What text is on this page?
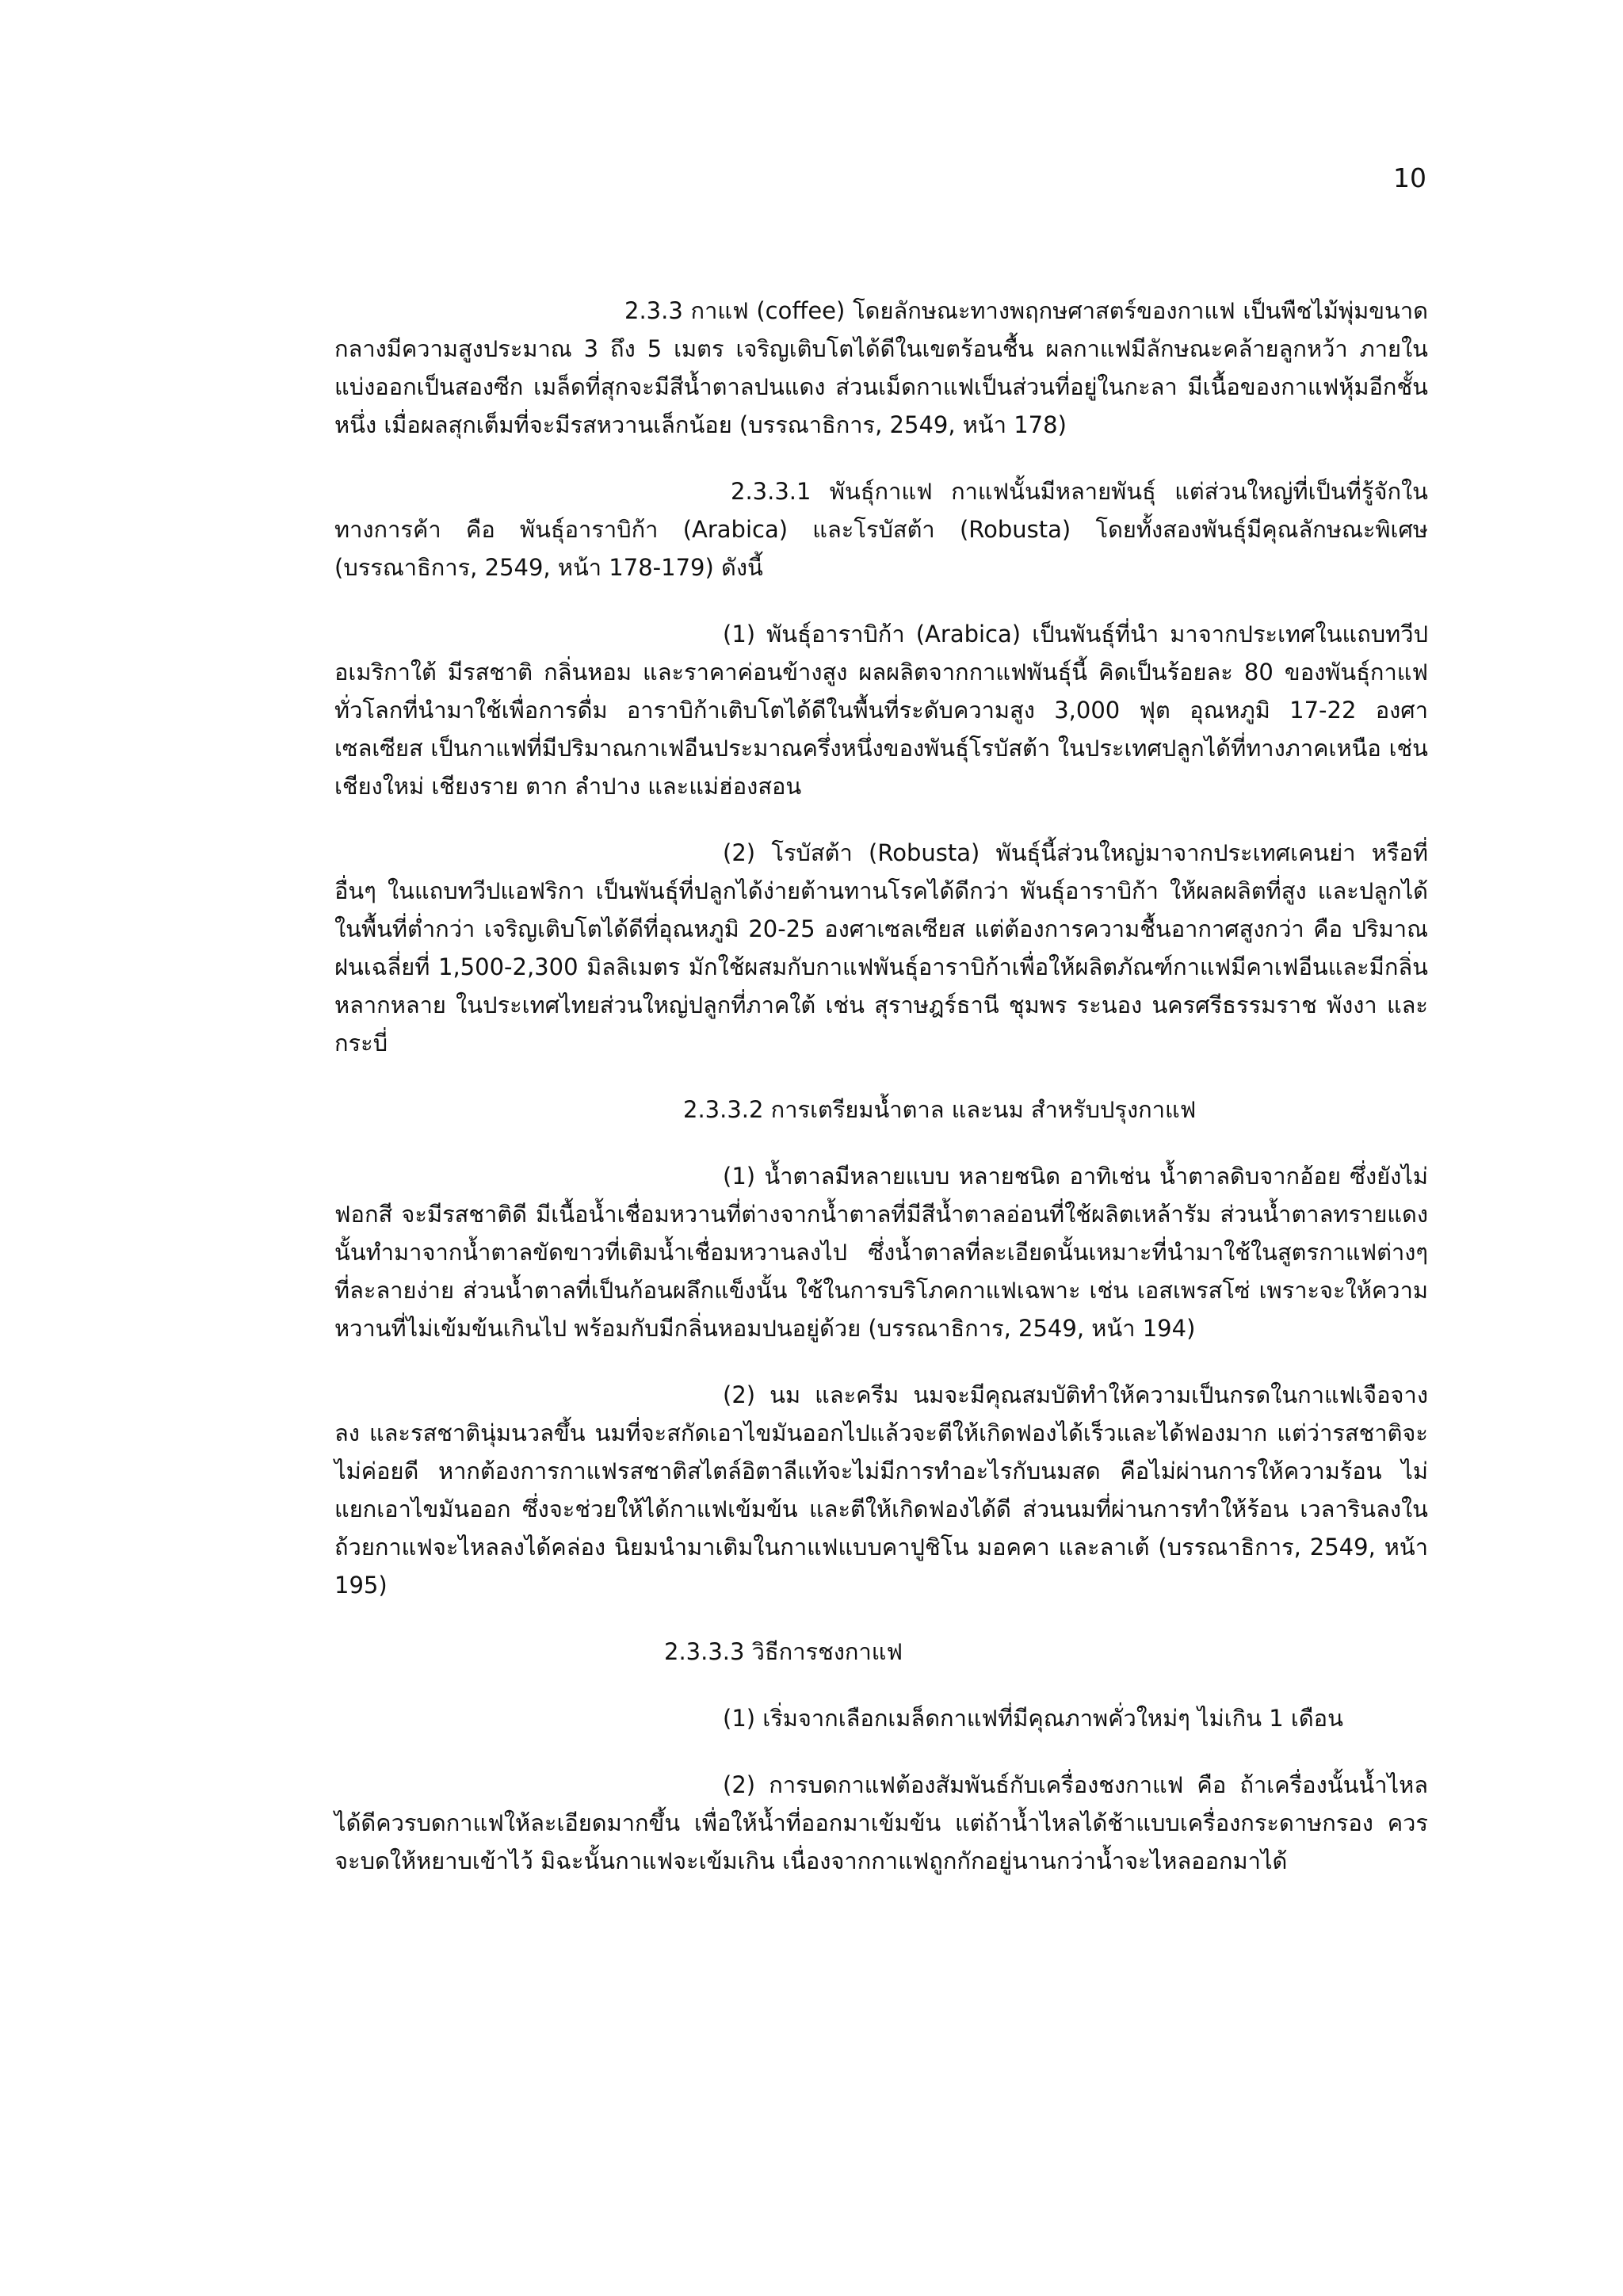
10

2.3.3 กาแฟ (coffee) โดยลักษณะทางพฤกษศาสตร์ของกาแฟ เป็นพืชไม้พุ่มขนาดกลางมีความสูงประมาณ 3 ถึง 5 เมตร เจริญเติบโตได้ดีในเขตร้อนชื้น ผลกาแฟมีลักษณะคล้ายลูกหว้า ภายในแบ่งออกเป็นสองซีก เมล็ดที่สุกจะมีสีน้ำตาลปนแดง ส่วนเม็ดกาแฟเป็นส่วนที่อยู่ในกะลา มีเนื้อของกาแฟหุ้มอีกชั้นหนึ่ง เมื่อผลสุกเต็มที่จะมีรสหวานเล็กน้อย (บรรณาธิการ, 2549, หน้า 178)

2.3.3.1 พันธุ์กาแฟ กาแฟนั้นมีหลายพันธุ์ แต่ส่วนใหญ่ที่เป็นที่รู้จักในทางการค้า คือ พันธุ์อาราบิก้า (Arabica) และโรบัสต้า (Robusta) โดยทั้งสองพันธุ์มีคุณลักษณะพิเศษ (บรรณาธิการ, 2549, หน้า 178-179) ดังนี้

(1) พันธุ์อาราบิก้า (Arabica) เป็นพันธุ์ที่นำ มาจากประเทศในแถบทวีปอเมริกาใต้ มีรสชาติ กลิ่นหอม และราคาค่อนข้างสูง ผลผลิตจากกาแฟพันธุ์นี้ คิดเป็นร้อยละ 80 ของพันธุ์กาแฟทั่วโลกที่นำมาใช้เพื่อการดื่ม อาราบิก้าเติบโตได้ดีในพื้นที่ระดับความสูง 3,000 ฟุต อุณหภูมิ 17-22 องศาเซลเซียส เป็นกาแฟที่มีปริมาณกาเฟอีนประมาณครึ่งหนึ่งของพันธุ์โรบัสต้า ในประเทศปลูกได้ที่ทางภาคเหนือ เช่น เชียงใหม่ เชียงราย ตาก ลำปาง และแม่ฮ่องสอน

(2) โรบัสต้า (Robusta) พันธุ์นี้ส่วนใหญ่มาจากประเทศเคนย่า หรือที่อื่นๆ ในแถบทวีปแอฟริกา เป็นพันธุ์ที่ปลูกได้ง่ายต้านทานโรคได้ดีกว่า พันธุ์อาราบิก้า ให้ผลผลิตที่สูง และปลูกได้ในพื้นที่ต่ำกว่า เจริญเติบโตได้ดีที่อุณหภูมิ 20-25 องศาเซลเซียส แต่ต้องการความชื้นอากาศสูงกว่า คือ ปริมาณฝนเฉลี่ยที่ 1,500-2,300 มิลลิเมตร มักใช้ผสมกับกาแฟพันธุ์อาราบิก้าเพื่อให้ผลิตภัณฑ์กาแฟมีคาเฟอีนและมีกลิ่นหลากหลาย ในประเทศไทยส่วนใหญ่ปลูกที่ภาคใต้ เช่น สุราษฎร์ธานี ชุมพร ระนอง นครศรีธรรมราช พังงา และกระบี่

2.3.3.2 การเตรียมน้ำตาล และนม สำหรับปรุงกาแฟ

(1) น้ำตาลมีหลายแบบ หลายชนิด อาทิเช่น น้ำตาลดิบจากอ้อย ซึ่งยังไม่ฟอกสี จะมีรสชาติดี มีเนื้อน้ำเชื่อมหวานที่ต่างจากน้ำตาลที่มีสีน้ำตาลอ่อนที่ใช้ผลิตเหล้ารัม ส่วนน้ำตาลทรายแดงนั้นทำมาจากน้ำตาลขัดขาวที่เติมน้ำเชื่อมหวานลงไป ซึ่งน้ำตาลที่ละเอียดนั้นเหมาะที่นำมาใช้ในสูตรกาแฟต่างๆ ที่ละลายง่าย ส่วนน้ำตาลที่เป็นก้อนผลึกแข็งนั้น ใช้ในการบริโภคกาแฟเฉพาะ เช่น เอสเพรสโซ่ เพราะจะให้ความหวานที่ไม่เข้มข้นเกินไป พร้อมกับมีกลิ่นหอมปนอยู่ด้วย (บรรณาธิการ, 2549, หน้า 194)

(2) นม และครีม นมจะมีคุณสมบัติทำให้ความเป็นกรดในกาแฟเจือจางลง และรสชาตินุ่มนวลขึ้น นมที่จะสกัดเอาไขมันออกไปแล้วจะตีให้เกิดฟองได้เร็วและได้ฟองมาก แต่ว่ารสชาติจะไม่ค่อยดี หากต้องการกาแฟรสชาติสไตล์อิตาลีแท้จะไม่มีการทำอะไรกับนมสด คือไม่ผ่านการให้ความร้อน ไม่แยกเอาไขมันออก ซึ่งจะช่วยให้ได้กาแฟเข้มข้น และตีให้เกิดฟองได้ดี ส่วนนมที่ผ่านการทำให้ร้อน เวลารินลงในถ้วยกาแฟจะไหลลงได้คล่อง นิยมนำมาเติมในกาแฟแบบคาปูชิโน มอคคา และลาเต้ (บรรณาธิการ, 2549, หน้า 195)

2.3.3.3 วิธีการชงกาแฟ

(1) เริ่มจากเลือกเมล็ดกาแฟที่มีคุณภาพคั่วใหม่ๆ ไม่เกิน 1 เดือน

(2) การบดกาแฟต้องสัมพันธ์กับเครื่องชงกาแฟ คือ ถ้าเครื่องนั้นน้ำไหลได้ดีควรบดกาแฟให้ละเอียดมากขึ้น เพื่อให้น้ำที่ออกมาเข้มข้น แต่ถ้าน้ำไหลได้ช้าแบบเครื่องกระดาษกรอง ควรจะบดให้หยาบเข้าไว้ มิฉะนั้นกาแฟจะเข้มเกิน เนื่องจากกาแฟถูกกักอยู่นานกว่าน้ำจะไหลออกมาได้
